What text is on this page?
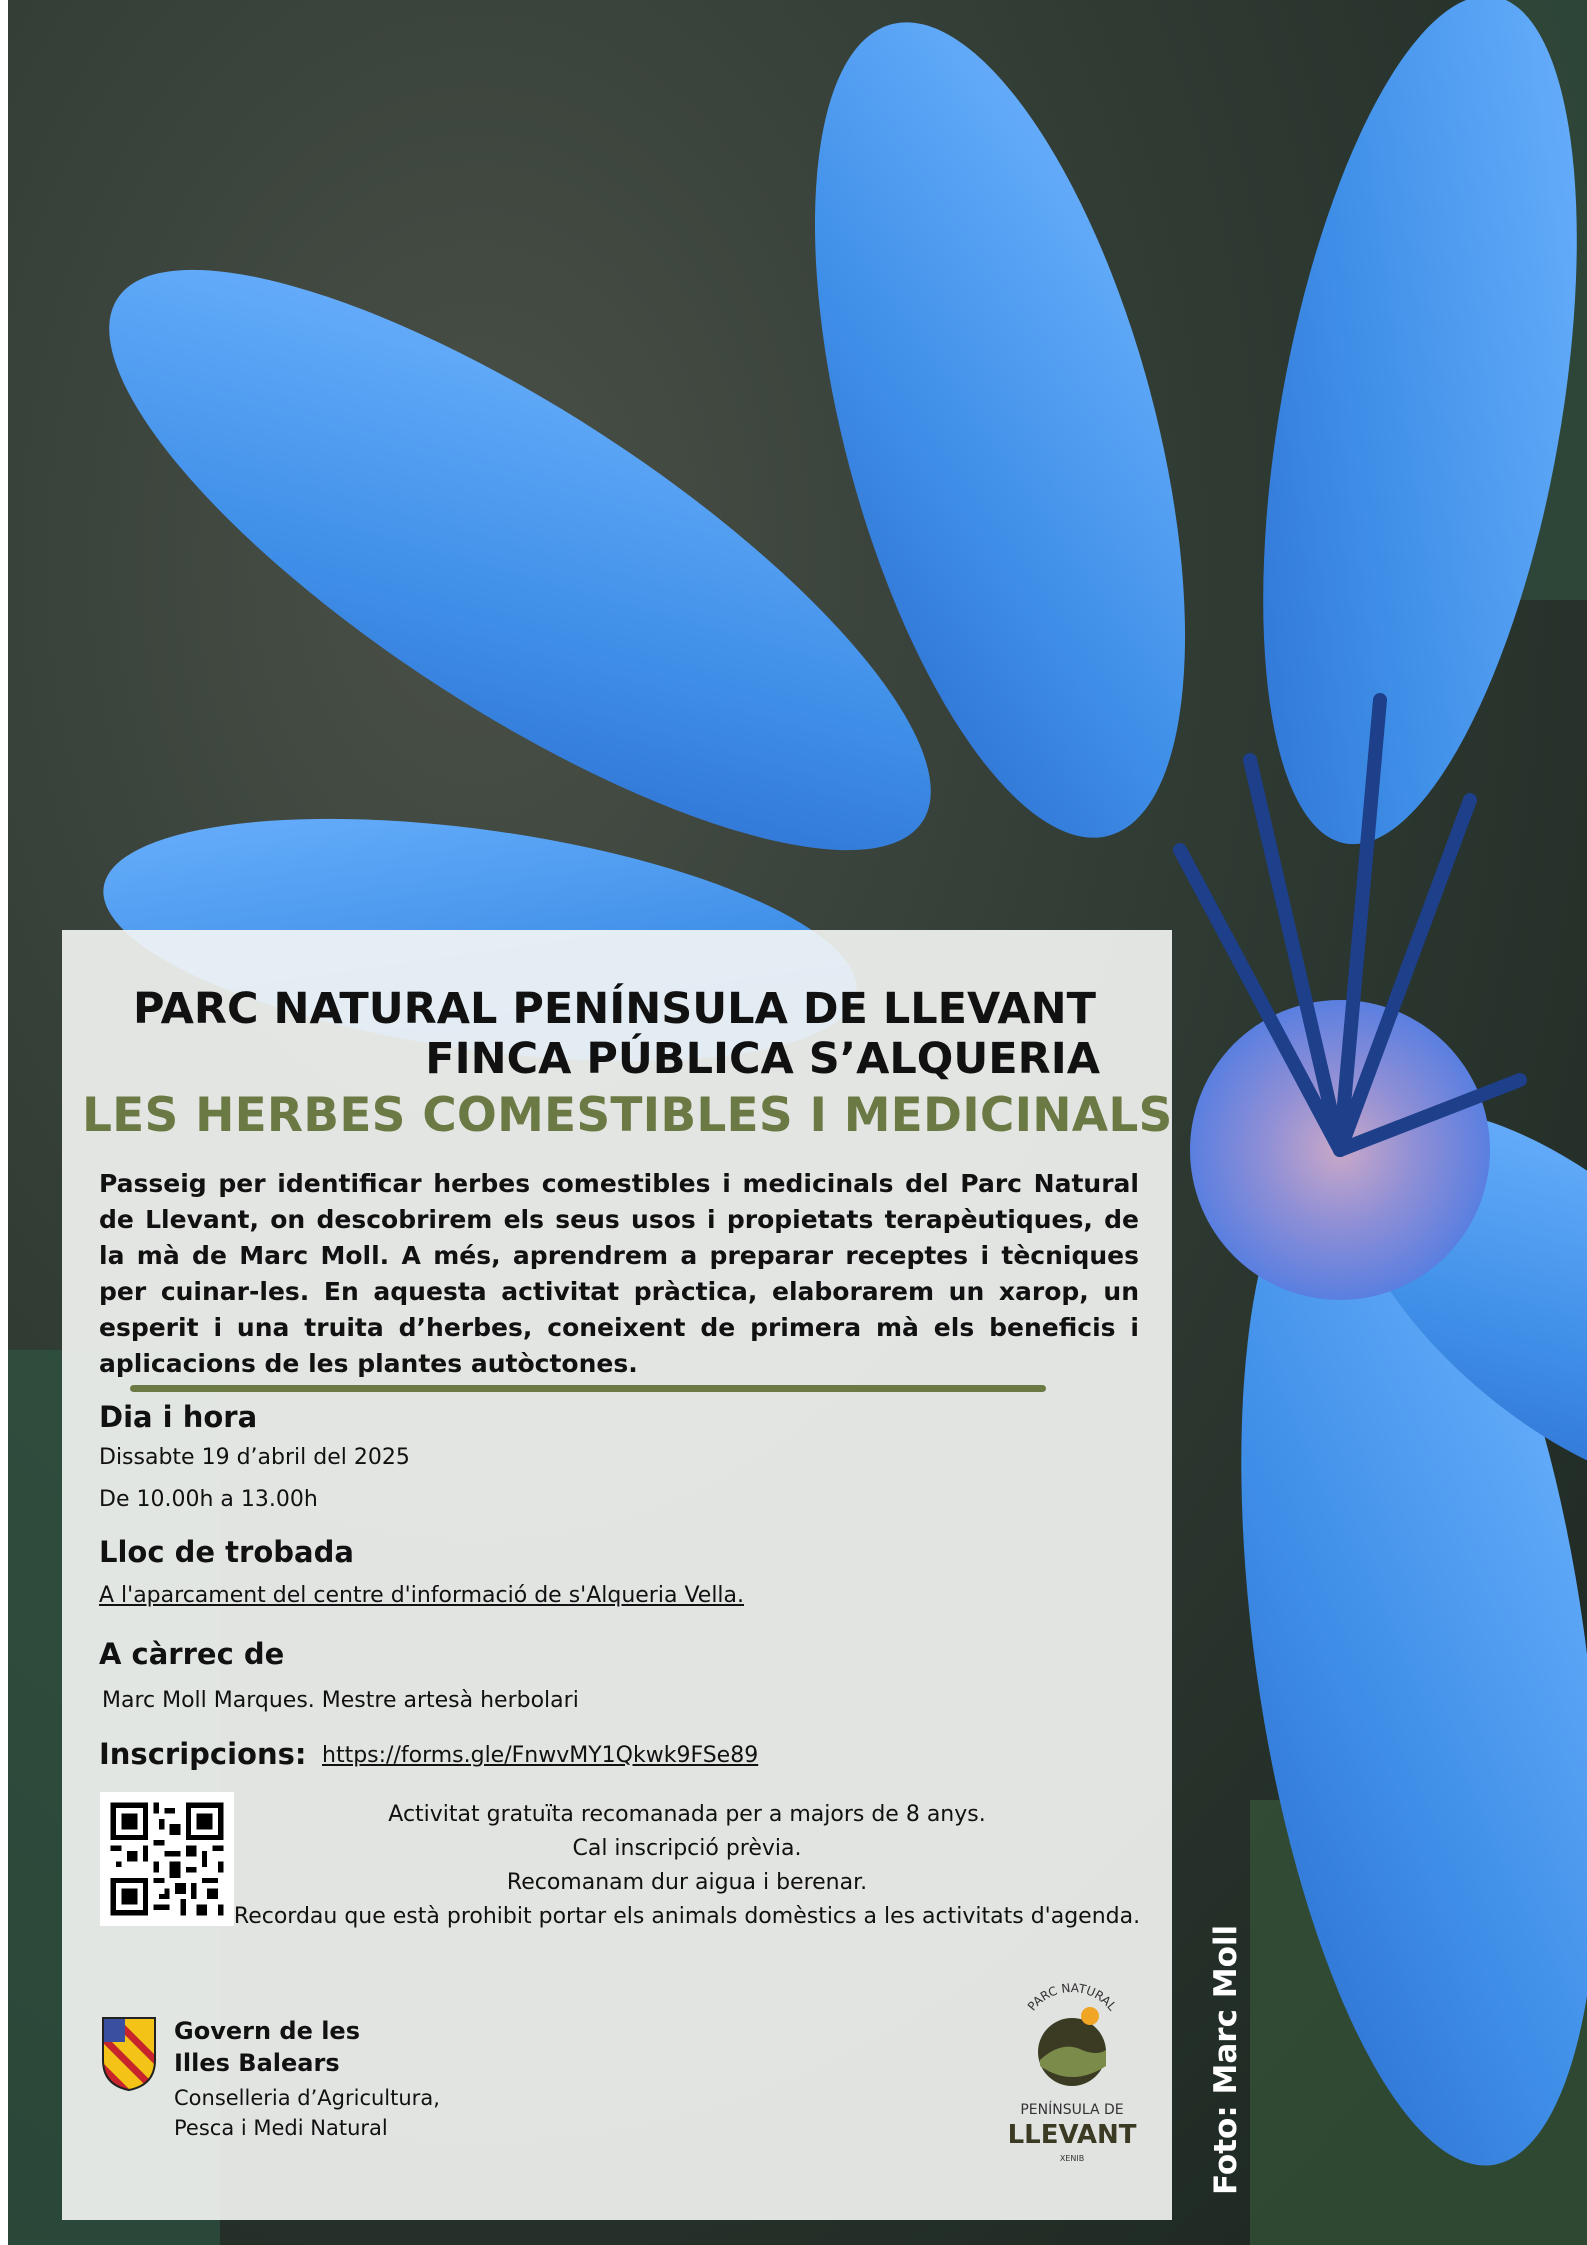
PARC NATURAL PENÍNSULA DE LLEVANT
FINCA PÚBLICA S’ALQUERIA
LES HERBES COMESTIBLES I MEDICINALS
Passeig per identificar herbes comestibles i medicinals del Parc Natural de Llevant, on descobrirem els seus usos i propietats terapèutiques, de la mà de Marc Moll. A més, aprendrem a preparar receptes i tècniques per cuinar-les. En aquesta activitat pràctica, elaborarem un xarop, un esperit i una truita d’herbes, coneixent de primera mà els beneficis i aplicacions de les plantes autòctones.
Dia i hora
Dissabte 19 d’abril del 2025
De 10.00h a 13.00h
Lloc de trobada
A l'aparcament del centre d'informació de s'Alqueria Vella.
A càrrec de
Marc Moll Marques. Mestre artesà herbolari
Inscripcions: https://forms.gle/FnwvMY1Qkwk9FSe89
Activitat gratuïta recomanada per a majors de 8 anys.
Cal inscripció prèvia.
Recomanam dur aigua i berenar.
Recordau que està prohibit portar els animals domèstics a les activitats d'agenda.
Govern de les
Illes Balears
Conselleria d’Agricultura,
Pesca i Medi Natural
PARC NATURAL
PENÍNSULA DE
LLEVANT
XENIB	Foto: Marc Moll
